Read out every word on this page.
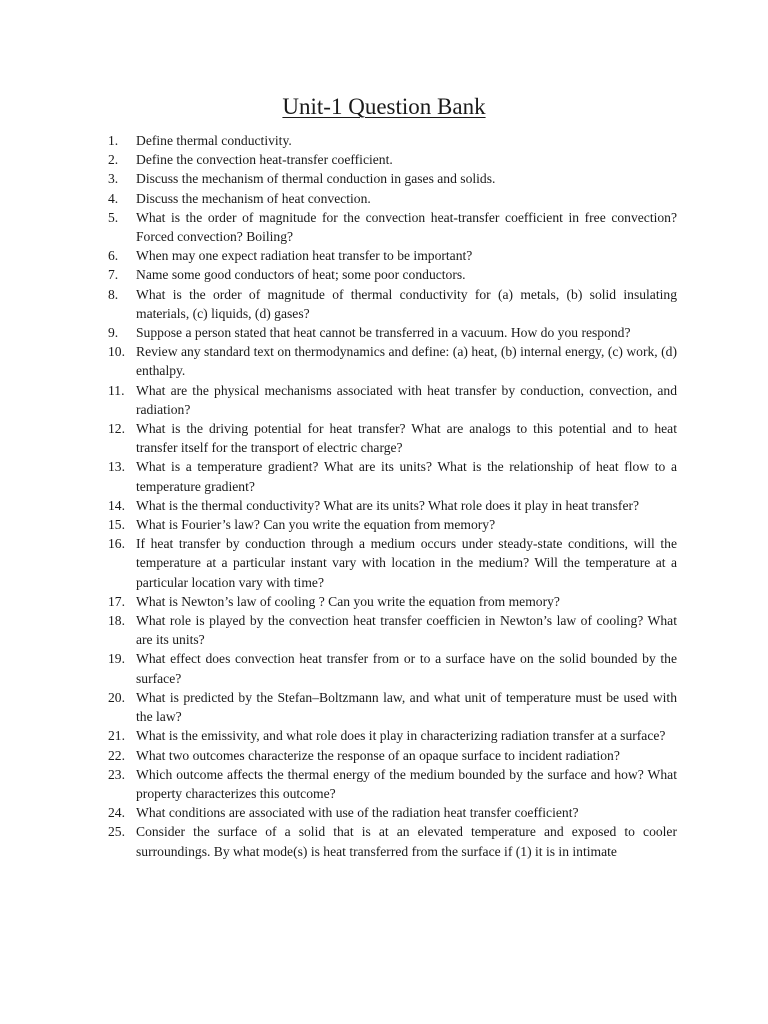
Unit-1 Question Bank
1.	Define thermal conductivity.
2.	Define the convection heat-transfer coefficient.
3.	Discuss the mechanism of thermal conduction in gases and solids.
4.	Discuss the mechanism of heat convection.
5.	What is the order of magnitude for the convection heat-transfer coefficient in free convection? Forced convection? Boiling?
6.	When may one expect radiation heat transfer to be important?
7.	Name some good conductors of heat; some poor conductors.
8.	What is the order of magnitude of thermal conductivity for (a) metals, (b) solid insulating materials, (c) liquids, (d) gases?
9.	Suppose a person stated that heat cannot be transferred in a vacuum. How do you respond?
10. Review any standard text on thermodynamics and define: (a) heat, (b) internal energy, (c) work, (d) enthalpy.
11. What are the physical mechanisms associated with heat transfer by conduction, convection, and radiation?
12. What is the driving potential for heat transfer? What are analogs to this potential and to heat transfer itself for the transport of electric charge?
13. What is a temperature gradient? What are its units? What is the relationship of heat flow to a temperature gradient?
14. What is the thermal conductivity? What are its units? What role does it play in heat transfer?
15. What is Fourier’s law? Can you write the equation from memory?
16. If heat transfer by conduction through a medium occurs under steady-state conditions, will the temperature at a particular instant vary with location in the medium? Will the temperature at a particular location vary with time?
17. What is Newton’s law of cooling ? Can you write the equation from memory?
18. What role is played by the convection heat transfer coefficien in Newton’s law of cooling? What are its units?
19. What effect does convection heat transfer from or to a surface have on the solid bounded by the surface?
20. What is predicted by the Stefan–Boltzmann law, and what unit of temperature must be used with the law?
21. What is the emissivity, and what role does it play in characterizing radiation transfer at a surface?
22. What two outcomes characterize the response of an opaque surface to incident radiation?
23. Which outcome affects the thermal energy of the medium bounded by the surface and how? What property characterizes this outcome?
24. What conditions are associated with use of the radiation heat transfer coefficient?
25. Consider the surface of a solid that is at an elevated temperature and exposed to cooler surroundings. By what mode(s) is heat transferred from the surface if (1) it is in intimate
